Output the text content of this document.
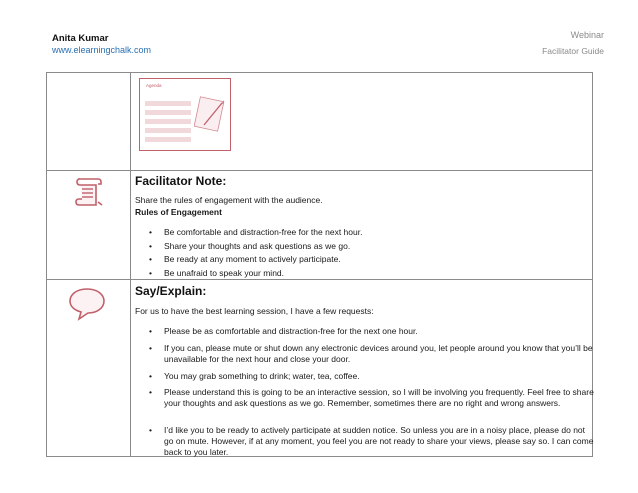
Anita Kumar
www.elearningchalk.com
Webinar
Facilitator Guide
Agenda
Facilitator Note:
Share the rules of engagement with the audience.
Rules of Engagement
• Be comfortable and distraction-free for the next hour.
• Share your thoughts and ask questions as we go.
• Be ready at any moment to actively participate.
• Be unafraid to speak your mind.
Say/Explain:
For us to have the best learning session, I have a few requests:
• Please be as comfortable and distraction-free for the next one hour.
• If you can, please mute or shut down any electronic devices around you, let people around you know that you’ll be unavailable for the next hour and close your door.
• You may grab something to drink; water, tea, coffee.
• Please understand this is going to be an interactive session, so I will be involving you frequently. Feel free to share your thoughts and ask questions as we go. Remember, sometimes there are no right and wrong answers.
• I’d like you to be ready to actively participate at sudden notice. So unless you are in a noisy place, please do not go on mute. However, if at any moment, you feel you are not ready to share your views, please say so. I can come back to you later.
